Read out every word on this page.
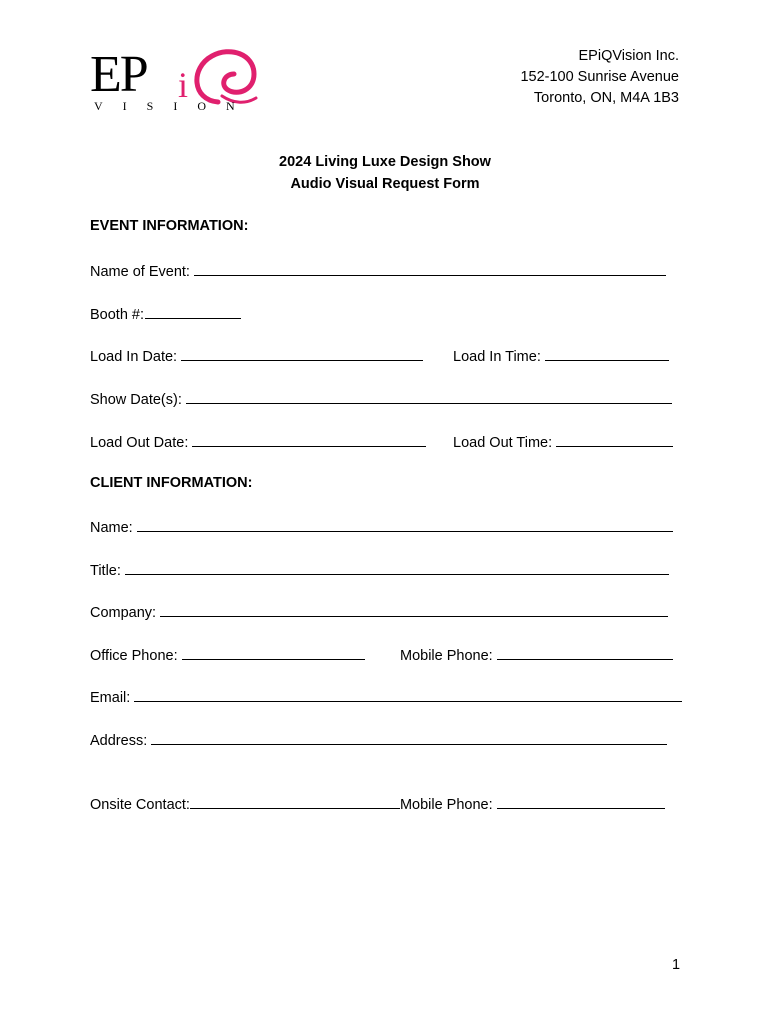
EP i
VISION
EPiQVision Inc.
152-100 Sunrise Avenue
Toronto, ON, M4A 1B3
2024 Living Luxe Design Show
Audio Visual Request Form
EVENT INFORMATION:
Name of Event:
Booth #:
Load In Date:	Load In Time:
Show Date(s):
Load Out Date:	Load Out Time:
CLIENT INFORMATION:
Name:
Title:
Company:
Office Phone:	Mobile Phone:
Email:
Address:
Onsite Contact:	Mobile Phone:
1
